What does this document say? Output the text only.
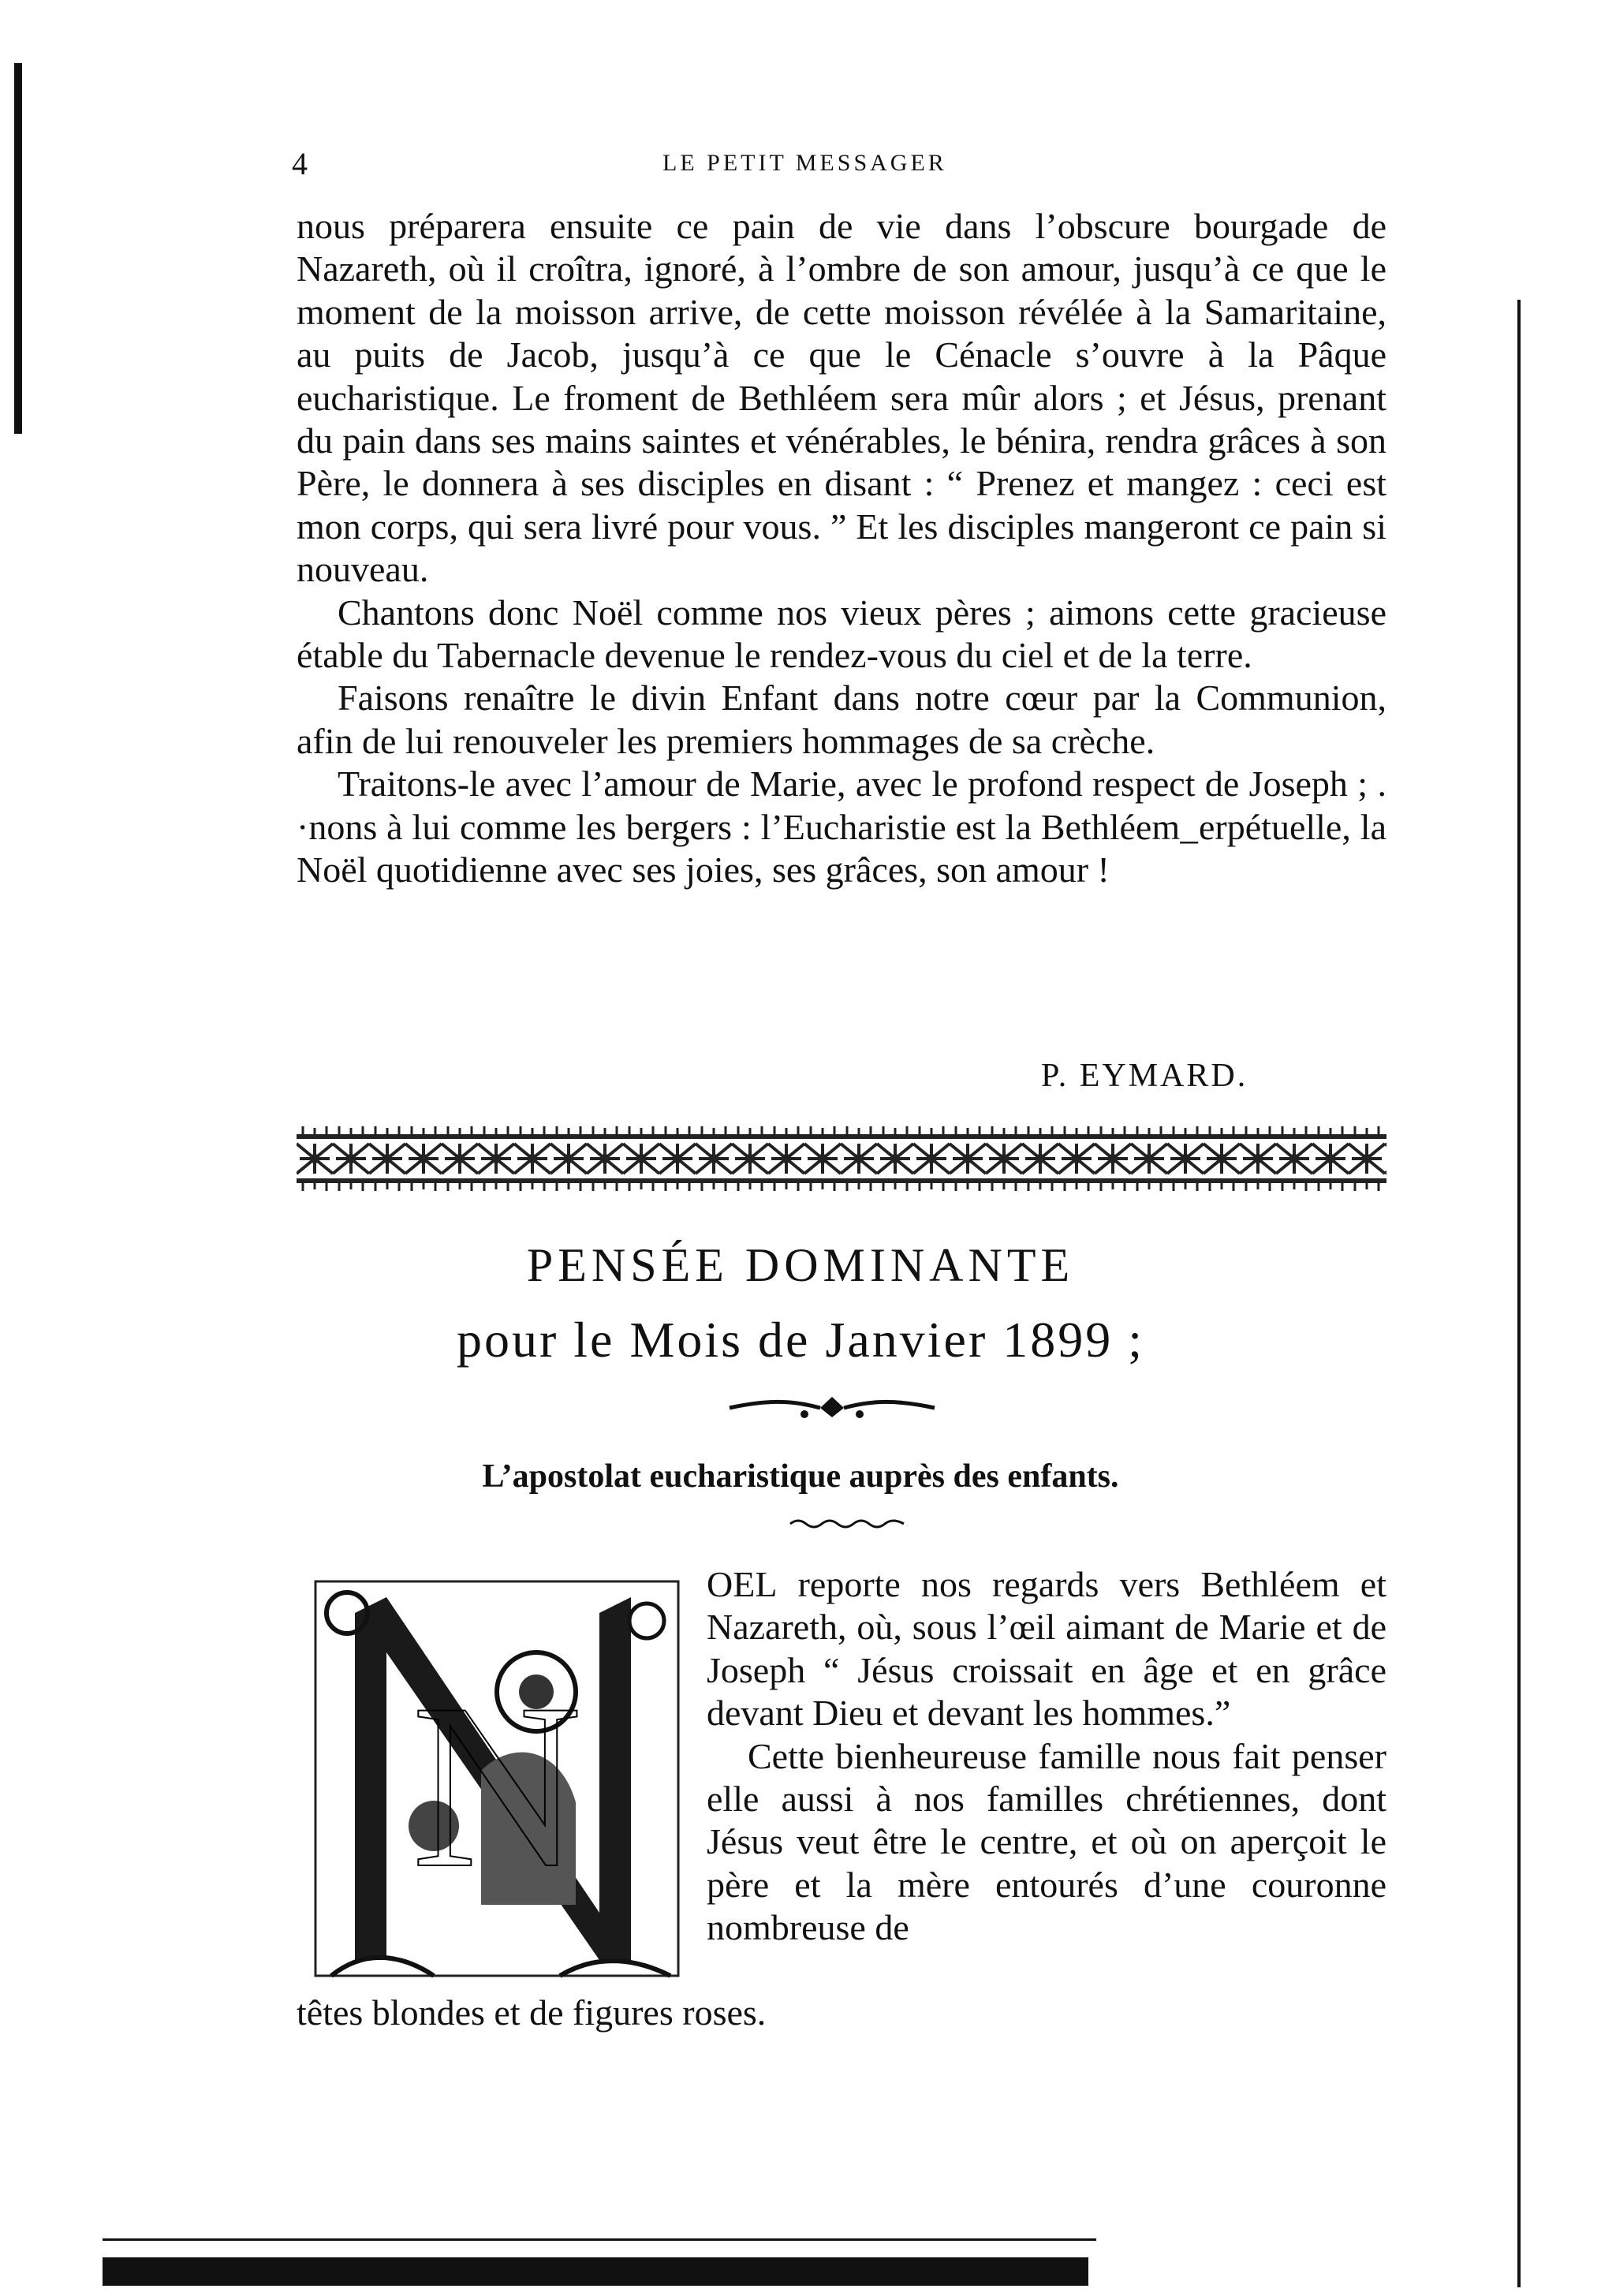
4	LE PETIT MESSAGER

nous préparera ensuite ce pain de vie dans l’obscure bourgade de Nazareth, où il croîtra, ignoré, à l’ombre de son amour, jusqu’à ce que le moment de la moisson arrive, de cette moisson révélée à la Samaritaine, au puits de Jacob, jusqu’à ce que le Cénacle s’ouvre à la Pâque eucharistique. Le froment de Bethléem sera mûr alors ; et Jésus, prenant du pain dans ses mains saintes et vénérables, le bénira, rendra grâces à son Père, le donnera à ses disciples en disant : “ Prenez et mangez : ceci est mon corps, qui sera livré pour vous. ” Et les disciples mangeront ce pain si nouveau.

Chantons donc Noël comme nos vieux pères ; aimons cette gracieuse étable du Tabernacle devenue le rendez-vous du ciel et de la terre.

Faisons renaître le divin Enfant dans notre cœur par la Communion, afin de lui renouveler les premiers hommages de sa crèche.

Traitons-le avec l’amour de Marie, avec le profond respect de Joseph ; . ·nons à lui comme les bergers : l’Eucharistie est la Bethléem ̲ erpétuelle, la Noël quotidienne avec ses joies, ses grâces, son amour !

P. EYMARD.
PENSÉE DOMINANTE
pour le Mois de Janvier 1899 ;
L’apostolat eucharistique auprès des enfants.
N

OEL reporte nos regards vers Bethléem et Nazareth, où, sous l’œil aimant de Marie et de Joseph “ Jésus croissait en âge et en grâce devant Dieu et devant les hommes.”

Cette bienheureuse famille nous fait penser elle aussi à nos familles chrétiennes, dont Jésus veut être le centre, et où on aperçoit le père et la mère entourés d’une couronne nombreuse de

têtes blondes et de figures roses.
